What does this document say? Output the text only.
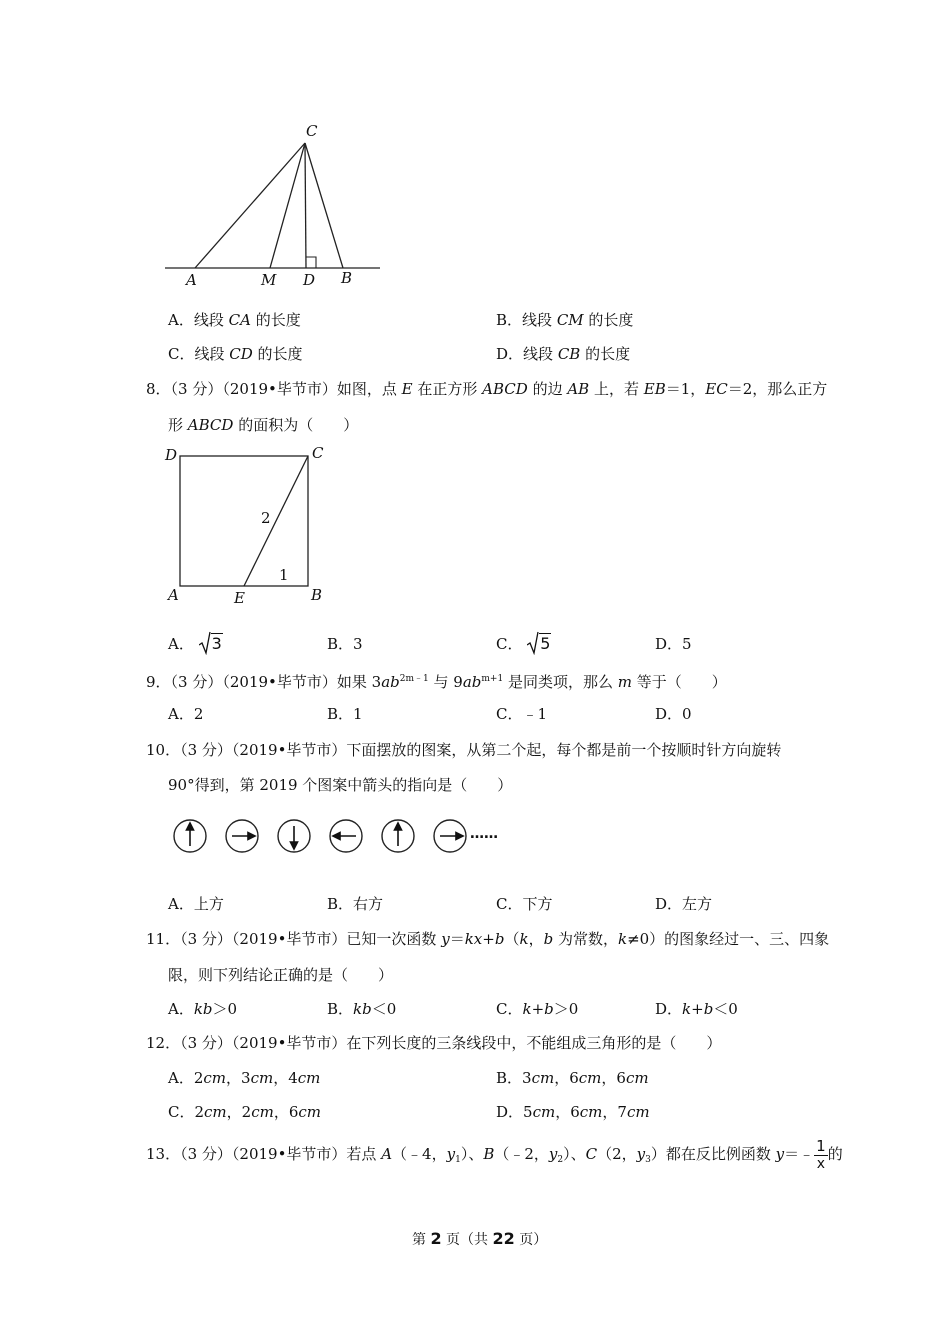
C
A	M D B
A．线段 CA 的长度	B．线段 CM 的长度
C．线段 CD 的长度	D．线段 CB 的长度
8．（3 分）（2019•毕节市）如图，点 E 在正方形 ABCD 的边 AB 上，若 EB＝1，EC＝2，那么正方
形 ABCD 的面积为（　　）
D	C
A	E	B
2
1
A． 3	B．3	C． 5	D．5
9．（3 分）（2019•毕节市）如果 $3ab^{2m﹣1}$ 与 $9ab^{m+1}$ 是同类项，那么 m 等于（　　）
A．2	B．1	C．﹣1	D．0
10．（3 分）（2019•毕节市）下面摆放的图案，从第二个起，每个都是前一个按顺时针方向旋转
90°得到，第 2019 个图案中箭头的指向是（　　）
……
A．上方	B．右方	C．下方	D．左方
11．（3 分）（2019•毕节市）已知一次函数 y＝kx+b（k，b 为常数，k≠0）的图象经过一、三、四象
限，则下列结论正确的是（　　）
A．kb＞0	B．kb＜0	C．k+b＞0	D．k+b＜0
12．（3 分）（2019•毕节市）在下列长度的三条线段中，不能组成三角形的是（　　）
A．2cm，3cm，4cm	B．3cm，6cm，6cm
C．2cm，2cm，6cm	D．5cm，6cm，7cm
13．（3 分）（2019•毕节市）若点 A（﹣4，$y_1$）、B（﹣2，$y_2$）、C（2，$y_3$）都在反比例函数 y＝﹣ $\frac{1}{x}$ 的
第 2 页（共 22 页）
